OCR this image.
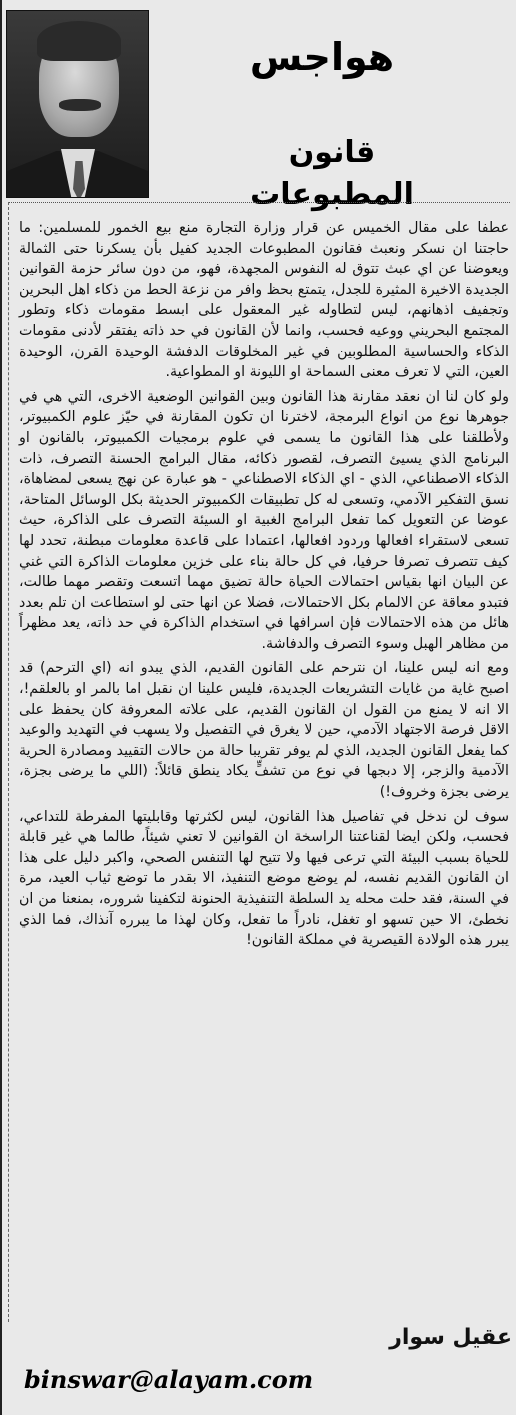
هواجس
قانون المطبوعات

عطفا على مقال الخميس عن قرار وزارة التجارة منع بيع الخمور للمسلمين: ما حاجتنا ان نسكر ونعبث فقانون المطبوعات الجديد كفيل بأن يسكرنا حتى الثمالة ويعوضنا عن اي عبث تتوق له النفوس المجهدة، فهو، من دون سائر حزمة القوانين الجديدة الاخيرة المثيرة للجدل، يتمتع بحظ وافر من نزعة الحط من ذكاء اهل البحرين وتجفيف اذهانهم، ليس لتطاوله غير المعقول على ابسط مقومات ذكاء وتطور المجتمع البحريني ووعيه فحسب، وانما لأن القانون في حد ذاته يفتقر لأدنى مقومات الذكاء والحساسية المطلوبين في غير المخلوقات الدفشة الوحيدة القرن، الوحيدة العين، التي لا تعرف معنى السماحة او الليونة او المطواعية.

ولو كان لنا ان نعقد مقارنة هذا القانون وبين القوانين الوضعية الاخرى، التي هي في جوهرها نوع من انواع البرمجة، لاخترنا ان تكون المقارنة في حيّز علوم الكمبيوتر، ولأطلقنا على هذا القانون ما يسمى في علوم برمجيات الكمبيوتر، بالقانون او البرنامج الذي يسيئ التصرف، لقصور ذكائه، مقال البرامج الحسنة التصرف، ذات الذكاء الاصطناعي، الذي - اي الذكاء الاصطناعي - هو عبارة عن نهج يسعى لمضاهاة، نسق التفكير الآدمي، وتسعى له كل تطبيقات الكمبيوتر الحديثة بكل الوسائل المتاحة، عوضا عن التعويل كما تفعل البرامج الغبية او السيئة التصرف على الذاكرة، حيث تسعى لاستقراء افعالها وردود افعالها، اعتمادا على قاعدة معلومات مبطنة، تحدد لها كيف تتصرف تصرفا حرفيا، في كل حالة بناء على خزين معلومات الذاكرة التي غني عن البيان انها بقياس احتمالات الحياة حالة تضيق مهما اتسعت وتقصر مهما طالت، فتبدو معاقة عن الالمام بكل الاحتمالات، فضلا عن انها حتى لو استطاعت ان تلم بعدد هائل من هذه الاحتمالات فإن اسرافها في استخدام الذاكرة في حد ذاته، يعد مظهراً من مظاهر الهبل وسوء التصرف والدفاشة.

ومع انه ليس علينا، ان نترحم على القانون القديم، الذي يبدو انه (اي الترحم) قد اصبح غاية من غايات التشريعات الجديدة، فليس علينا ان نقبل اما بالمر او بالعلقم!، الا انه لا يمنع من القول ان القانون القديم، على علاته المعروفة كان يحفظ على الاقل فرصة الاجتهاد الآدمي، حين لا يغرق في التفصيل ولا يسهب في التهديد والوعيد كما يفعل القانون الجديد، الذي لم يوفر تقريبا حالة من حالات التقييد ومصادرة الحرية الآدمية والزجر، إلا دبجها في نوع من تشفٍّ يكاد ينطق قائلاً: (اللي ما يرضى بجزة، يرضى بجزة وخروف!)

سوف لن ندخل في تفاصيل هذا القانون، ليس لكثرتها وقابليتها المفرطة للتداعي، فحسب، ولكن ايضا لقناعتنا الراسخة ان القوانين لا تعني شيئاً، طالما هي غير قابلة للحياة بسبب البيئة التي ترعى فيها ولا تتيح لها التنفس الصحي، واكبر دليل على هذا ان القانون القديم نفسه، لم يوضع موضع التنفيذ، الا بقدر ما توضع ثياب العيد، مرة في السنة، فقد حلت محله يد السلطة التنفيذية الحنونة لتكفينا شروره، بمنعنا من ان نخطئ، الا حين تسهو او تغفل، نادراً ما تفعل، وكان لهذا ما يبرره آنذاك، فما الذي يبرر هذه الولادة القيصرية في مملكة القانون!

عقيل سوار
binswar@alayam.com
